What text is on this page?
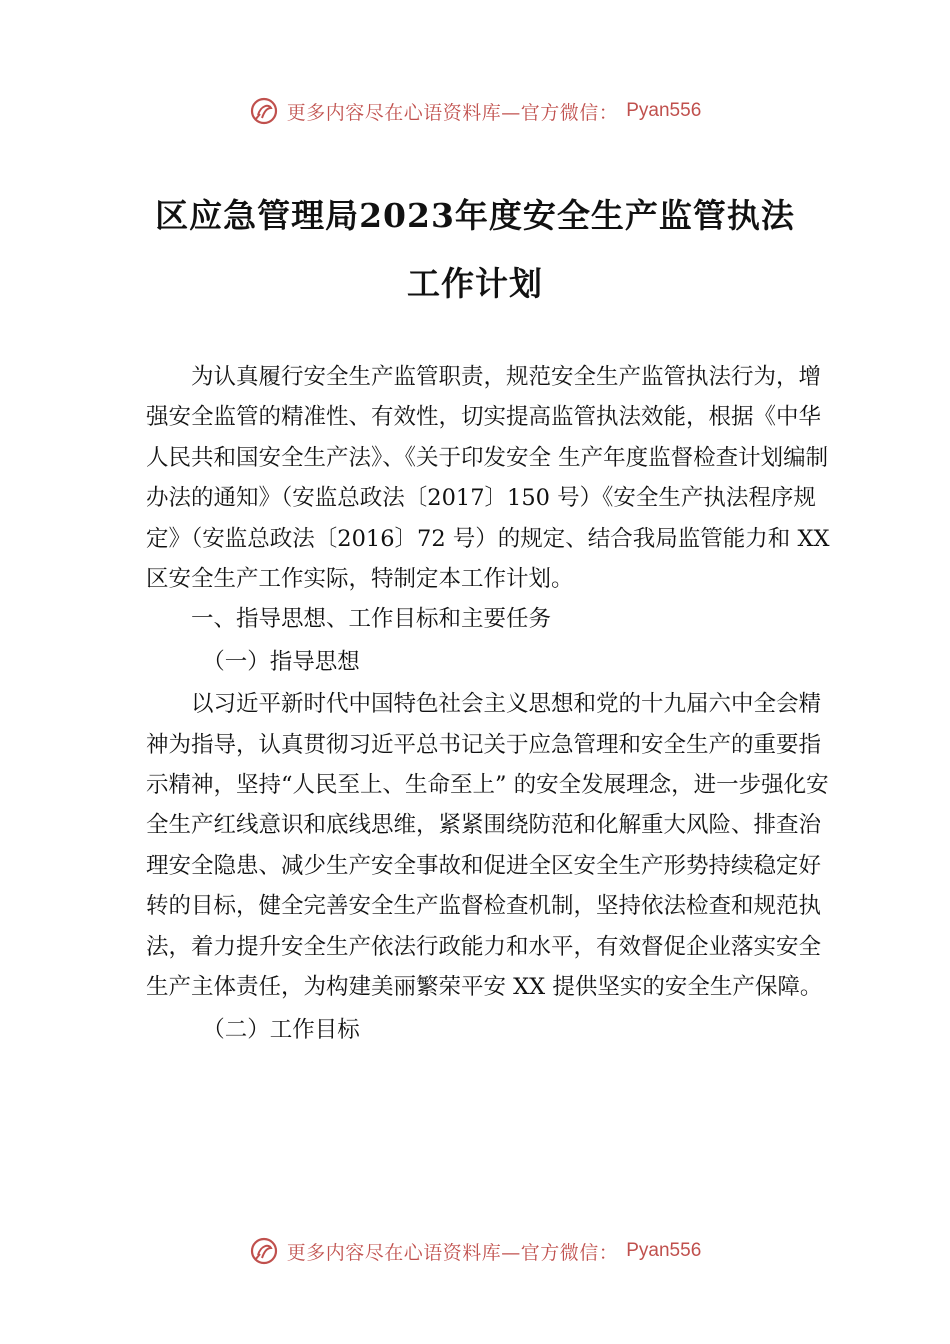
更多内容尽在心语资料库—官方微信： Pyan556
区应急管理局2023年度安全生产监管执法
工作计划

为认真履行安全生产监管职责，规范安全生产监管执法行为，增强安全监管的精准性、有效性，切实提高监管执法效能，根据《中华人民共和国安全生产法》、《关于印发安全 生产年度监督检查计划编制办法的通知》（安监总政法〔2017〕150 号）《安全生产执法程序规定》（安监总政法〔2016〕72 号）的规定、结合我局监管能力和 XX 区安全生产工作实际，特制定本工作计划。

一、指导思想、工作目标和主要任务

（一）指导思想

以习近平新时代中国特色社会主义思想和党的十九届六中全会精神为指导，认真贯彻习近平总书记关于应急管理和安全生产的重要指示精神，坚持“人民至上、生命至上” 的安全发展理念，进一步强化安全生产红线意识和底线思维，紧紧围绕防范和化解重大风险、排查治理安全隐患、减少生产安全事故和促进全区安全生产形势持续稳定好转的目标，健全完善安全生产监督检查机制，坚持依法检查和规范执法，着力提升安全生产依法行政能力和水平，有效督促企业落实安全生产主体责任，为构建美丽繁荣平安 XX 提供坚实的安全生产保障。

（二）工作目标

更多内容尽在心语资料库—官方微信： Pyan556
